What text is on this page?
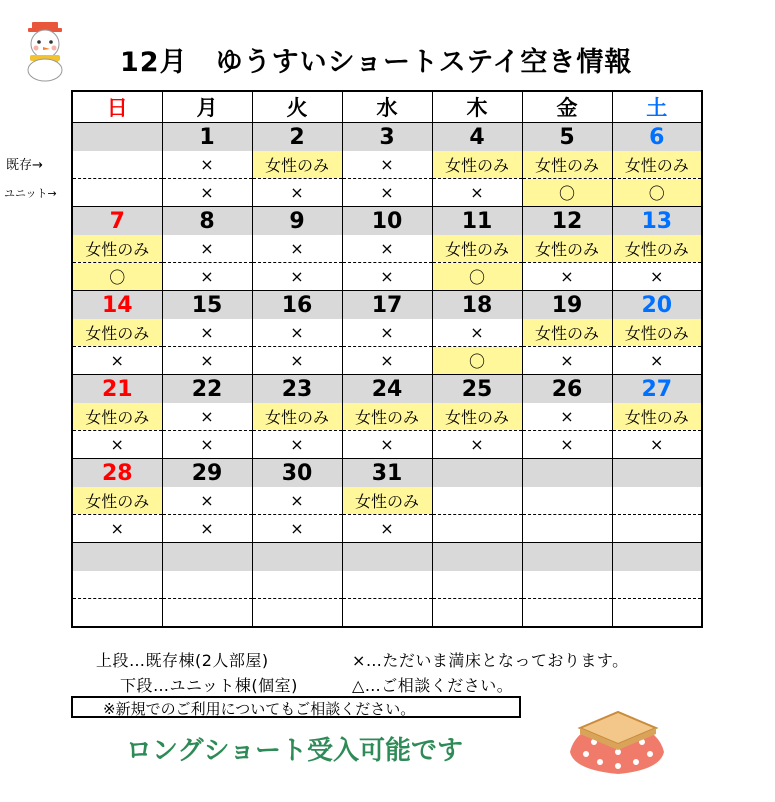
12月　ゆうすいショートステイ空き情報
既存→
ユニット→
日	月	火	水	木	金	土
	1	2	3	4	5	6
	×	女性のみ	×	女性のみ	女性のみ	女性のみ
	×	×	×	×	〇	〇
7	8	9	10	11	12	13
女性のみ	×	×	×	女性のみ	女性のみ	女性のみ
〇	×	×	×	〇	×	×
14	15	16	17	18	19	20
女性のみ	×	×	×	×	女性のみ	女性のみ
×	×	×	×	〇	×	×
21	22	23	24	25	26	27
女性のみ	×	女性のみ	女性のみ	女性のみ	×	女性のみ
×	×	×	×	×	×	×
28	29	30	31			
女性のみ	×	×	女性のみ			
×	×	×	×			

上段…既存棟(2人部屋)	×…ただいま満床となっております。
下段…ユニット棟(個室)	△…ご相談ください。
※新規でのご利用についてもご相談ください。
ロングショート受入可能です
